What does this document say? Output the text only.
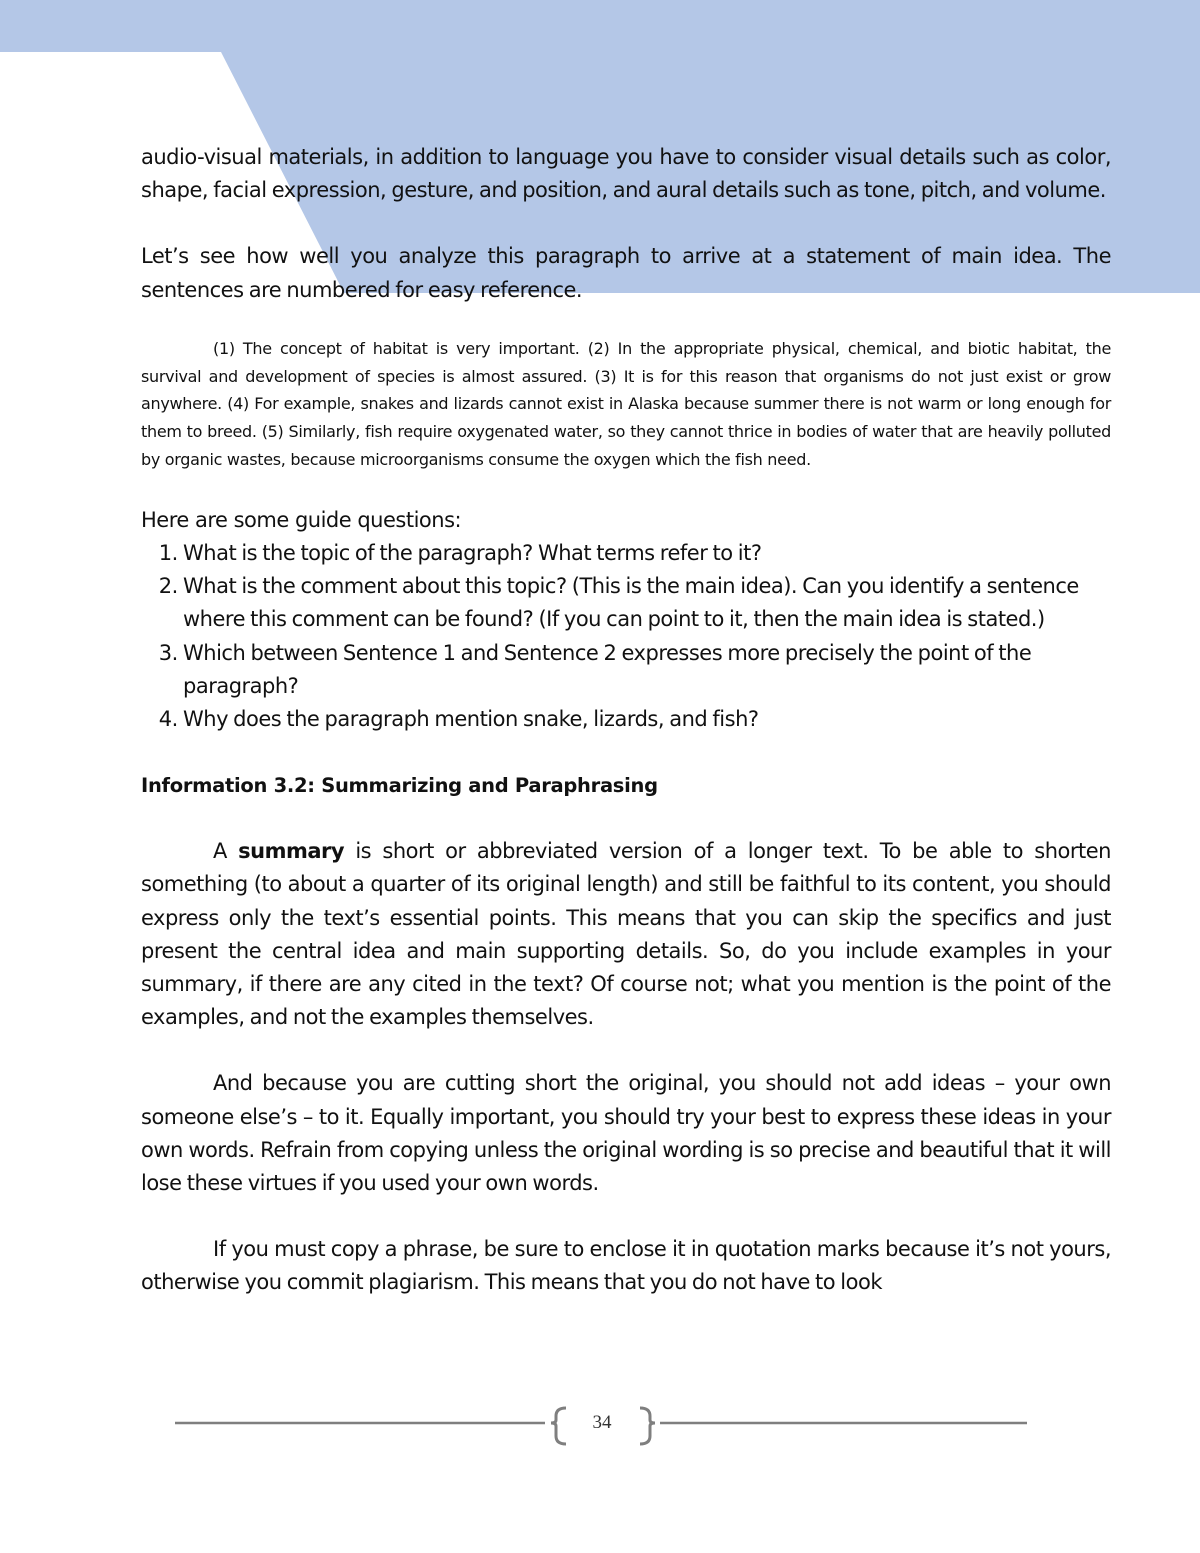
audio-visual materials, in addition to language you have to consider visual details such as color, shape, facial expression, gesture, and position, and aural details such as tone, pitch, and volume.

Let’s see how well you analyze this paragraph to arrive at a statement of main idea. The sentences are numbered for easy reference.

(1) The concept of habitat is very important. (2) In the appropriate physical, chemical, and biotic habitat, the survival and development of species is almost assured. (3) It is for this reason that organisms do not just exist or grow anywhere. (4) For example, snakes and lizards cannot exist in Alaska because summer there is not warm or long enough for them to breed. (5) Similarly, fish require oxygenated water, so they cannot thrice in bodies of water that are heavily polluted by organic wastes, because microorganisms consume the oxygen which the fish need.

Here are some guide questions:

1. What is the topic of the paragraph? What terms refer to it?
2. What is the comment about this topic? (This is the main idea). Can you identify a sentence where this comment can be found? (If you can point to it, then the main idea is stated.)
3. Which between Sentence 1 and Sentence 2 expresses more precisely the point of the paragraph?
4. Why does the paragraph mention snake, lizards, and fish?

Information 3.2: Summarizing and Paraphrasing

A summary is short or abbreviated version of a longer text. To be able to shorten something (to about a quarter of its original length) and still be faithful to its content, you should express only the text’s essential points. This means that you can skip the specifics and just present the central idea and main supporting details. So, do you include examples in your summary, if there are any cited in the text? Of course not; what you mention is the point of the examples, and not the examples themselves.

And because you are cutting short the original, you should not add ideas – your own someone else’s – to it. Equally important, you should try your best to express these ideas in your own words. Refrain from copying unless the original wording is so precise and beautiful that it will lose these virtues if you used your own words.

If you must copy a phrase, be sure to enclose it in quotation marks because it’s not yours, otherwise you commit plagiarism. This means that you do not have to look

34
